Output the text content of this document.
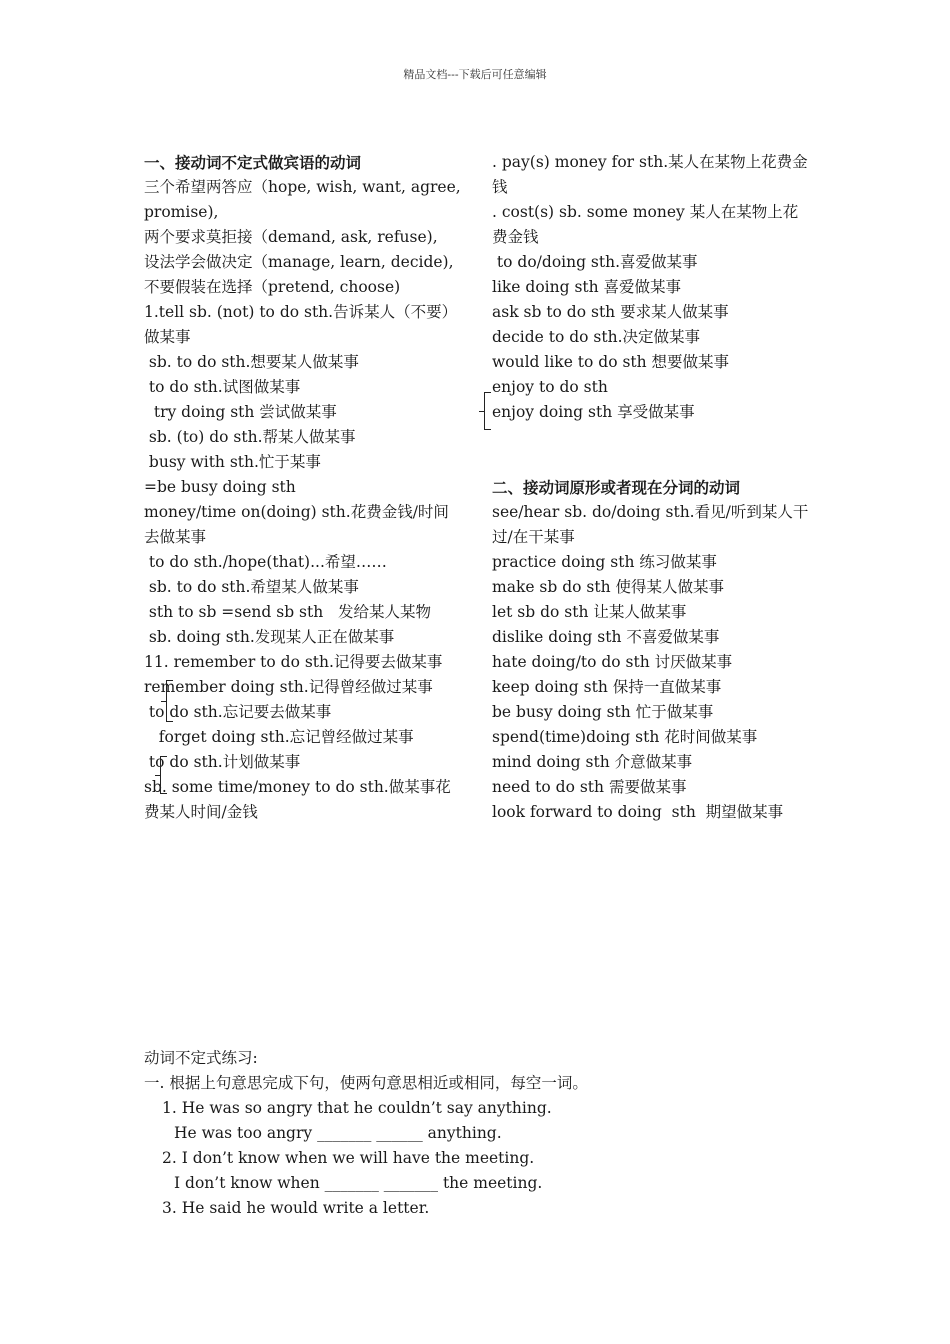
精品文档---下载后可任意编辑
一、接动词不定式做宾语的动词
三个希望两答应（hope, wish, want, agree, promise),
两个要求莫拒接（demand, ask, refuse),
设法学会做决定（manage, learn, decide),
不要假装在选择（pretend, choose)
1.tell sb. (not) to do sth.告诉某人（不要）做某事
sb. to do sth.想要某人做某事
to do sth.试图做某事
try doing sth 尝试做某事
sb. (to) do sth.帮某人做某事
busy with sth.忙于某事
=be busy doing sth
money/time on(doing) sth.花费金钱/时间去做某事
to do sth./hope(that)...希望……
sb. to do sth.希望某人做某事
sth to sb =send sb sth   发给某人某物
sb. doing sth.发现某人正在做某事
11. remember to do sth.记得要去做某事
remember doing sth.记得曾经做过某事
to do sth.忘记要去做某事
forget doing sth.忘记曾经做过某事
to do sth.计划做某事
sb. some time/money to do sth.做某事花费某人时间/金钱
. pay(s) money for sth.某人在某物上花费金钱
. cost(s) sb. some money 某人在某物上花费金钱
to do/doing sth.喜爱做某事
like doing sth 喜爱做某事
ask sb to do sth 要求某人做某事
decide to do sth.决定做某事
would like to do sth 想要做某事
enjoy to do sth
enjoy doing sth 享受做某事
二、接动词原形或者现在分词的动词
see/hear sb. do/doing sth.看见/听到某人干过/在干某事
practice doing sth 练习做某事
make sb do sth 使得某人做某事
let sb do sth 让某人做某事
dislike doing sth 不喜爱做某事
hate doing/to do sth 讨厌做某事
keep doing sth 保持一直做某事
be busy doing sth 忙于做某事
spend(time)doing sth 花时间做某事
mind doing sth 介意做某事
need to do sth 需要做某事
look forward to doing  sth  期望做某事
动词不定式练习:
一. 根据上句意思完成下句，使两句意思相近或相同，每空一词。
1. He was so angry that he couldn’t say anything.
He was too angry _______ ______ anything.
2. I don’t know when we will have the meeting.
I don’t know when _______ _______ the meeting.
3. He said he would write a letter.
